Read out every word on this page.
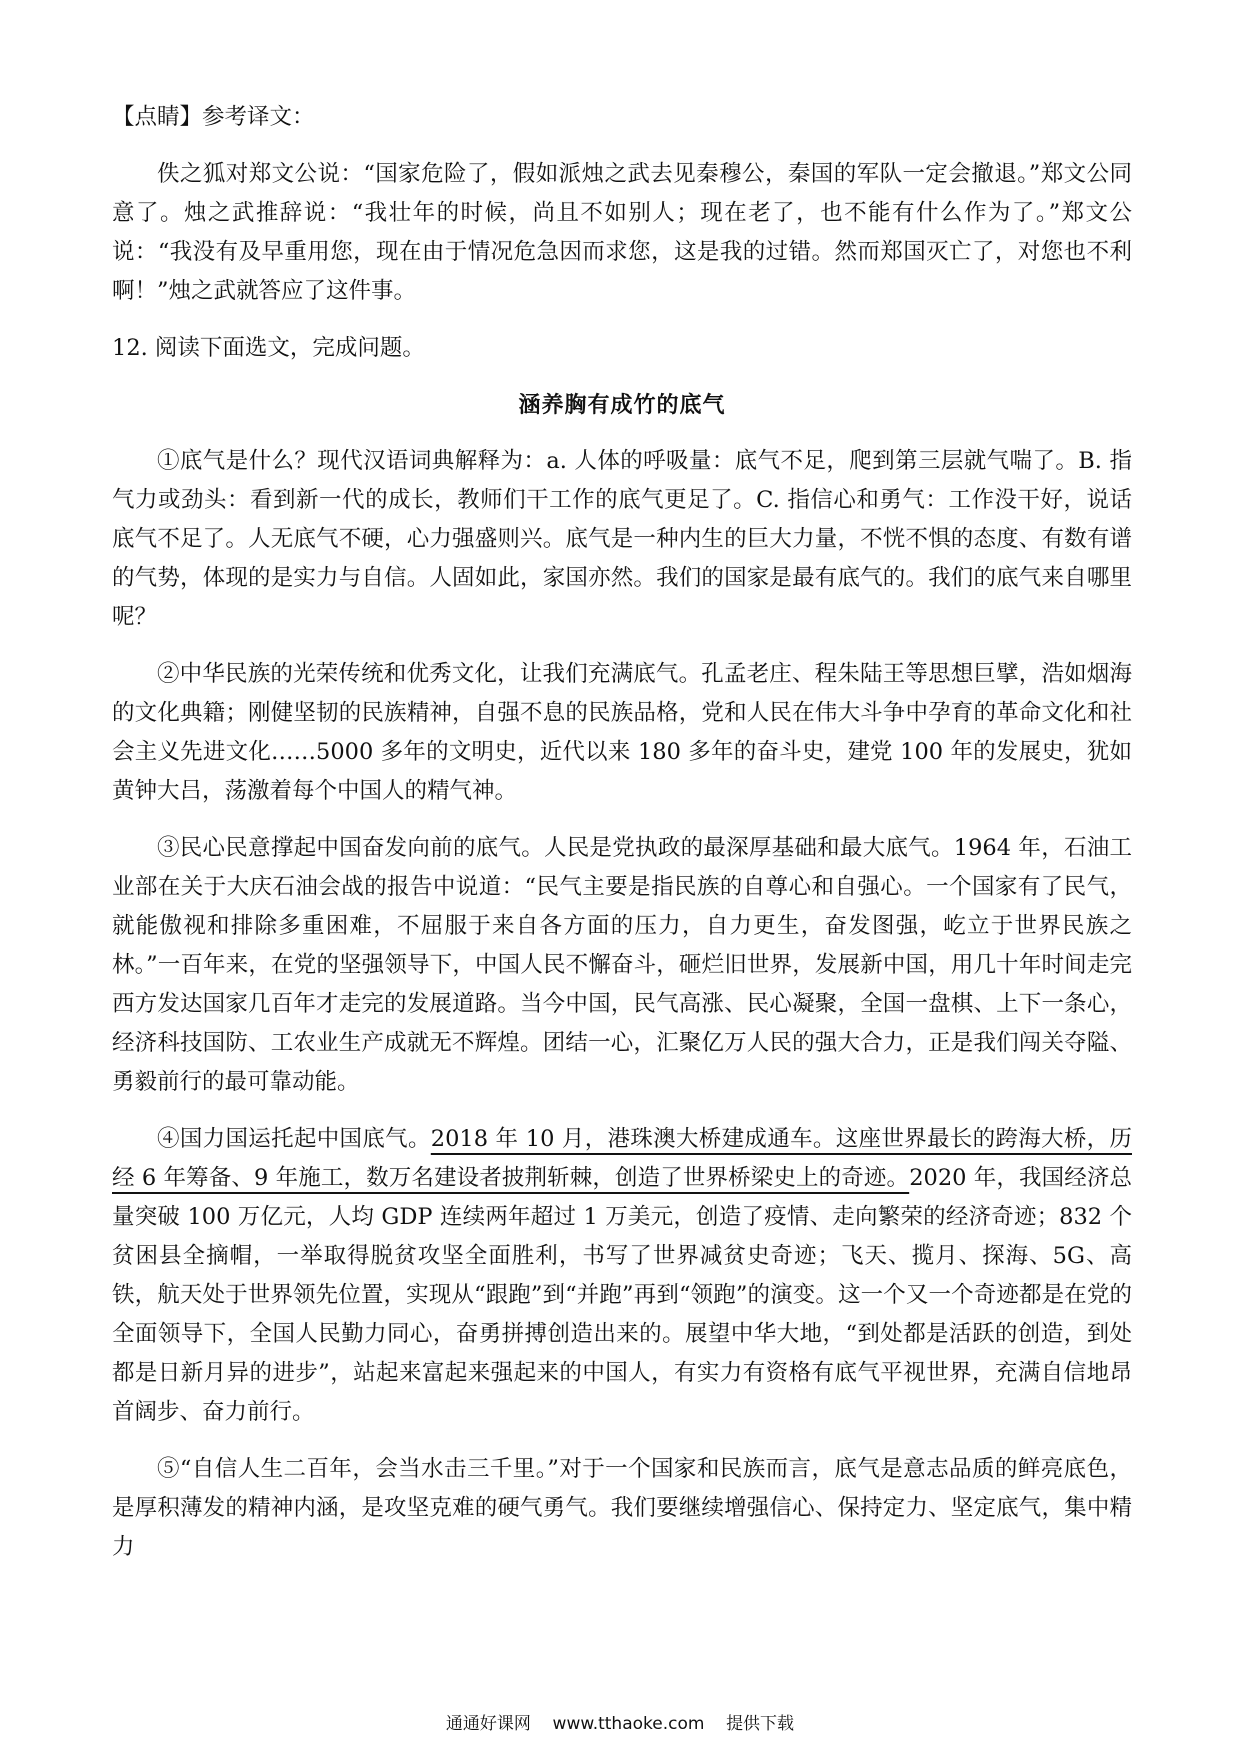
【点睛】参考译文：

佚之狐对郑文公说：“国家危险了，假如派烛之武去见秦穆公，秦国的军队一定会撤退。”郑文公同意了。烛之武推辞说：“我壮年的时候，尚且不如别人；现在老了，也不能有什么作为了。”郑文公说：“我没有及早重用您，现在由于情况危急因而求您，这是我的过错。然而郑国灭亡了，对您也不利啊！”烛之武就答应了这件事。

12. 阅读下面选文，完成问题。

涵养胸有成竹的底气

①底气是什么？现代汉语词典解释为：a. 人体的呼吸量：底气不足，爬到第三层就气喘了。B. 指气力或劲头：看到新一代的成长，教师们干工作的底气更足了。C. 指信心和勇气：工作没干好，说话底气不足了。人无底气不硬，心力强盛则兴。底气是一种内生的巨大力量，不恍不惧的态度、有数有谱的气势，体现的是实力与自信。人固如此，家国亦然。我们的国家是最有底气的。我们的底气来自哪里呢？

②中华民族的光荣传统和优秀文化，让我们充满底气。孔孟老庄、程朱陆王等思想巨擘，浩如烟海的文化典籍；刚健坚韧的民族精神，自强不息的民族品格，党和人民在伟大斗争中孕育的革命文化和社会主义先进文化……5000 多年的文明史，近代以来 180 多年的奋斗史，建党 100 年的发展史，犹如黄钟大吕，荡激着每个中国人的精气神。

③民心民意撑起中国奋发向前的底气。人民是党执政的最深厚基础和最大底气。1964 年，石油工业部在关于大庆石油会战的报告中说道：“民气主要是指民族的自尊心和自强心。一个国家有了民气，就能傲视和排除多重困难，不屈服于来自各方面的压力，自力更生，奋发图强，屹立于世界民族之林。”一百年来，在党的坚强领导下，中国人民不懈奋斗，砸烂旧世界，发展新中国，用几十年时间走完西方发达国家几百年才走完的发展道路。当今中国，民气高涨、民心凝聚，全国一盘棋、上下一条心，经济科技国防、工农业生产成就无不辉煌。团结一心，汇聚亿万人民的强大合力，正是我们闯关夺隘、勇毅前行的最可靠动能。

④国力国运托起中国底气。2018 年 10 月，港珠澳大桥建成通车。这座世界最长的跨海大桥，历经 6 年筹备、9 年施工，数万名建设者披荆斩棘，创造了世界桥梁史上的奇迹。2020 年，我国经济总量突破 100 万亿元，人均 GDP 连续两年超过 1 万美元，创造了疫情、走向繁荣的经济奇迹；832 个贫困县全摘帽，一举取得脱贫攻坚全面胜利，书写了世界减贫史奇迹；飞天、揽月、探海、5G、高铁，航天处于世界领先位置，实现从“跟跑”到“并跑”再到“领跑”的演变。这一个又一个奇迹都是在党的全面领导下，全国人民勤力同心，奋勇拼搏创造出来的。展望中华大地，“到处都是活跃的创造，到处都是日新月异的进步”，站起来富起来强起来的中国人，有实力有资格有底气平视世界，充满自信地昂首阔步、奋力前行。

⑤“自信人生二百年，会当水击三千里。”对于一个国家和民族而言，底气是意志品质的鲜亮底色，是厚积薄发的精神内涵，是攻坚克难的硬气勇气。我们要继续增强信心、保持定力、坚定底气，集中精力

通通好课网 www.tthaoke.com 提供下载
